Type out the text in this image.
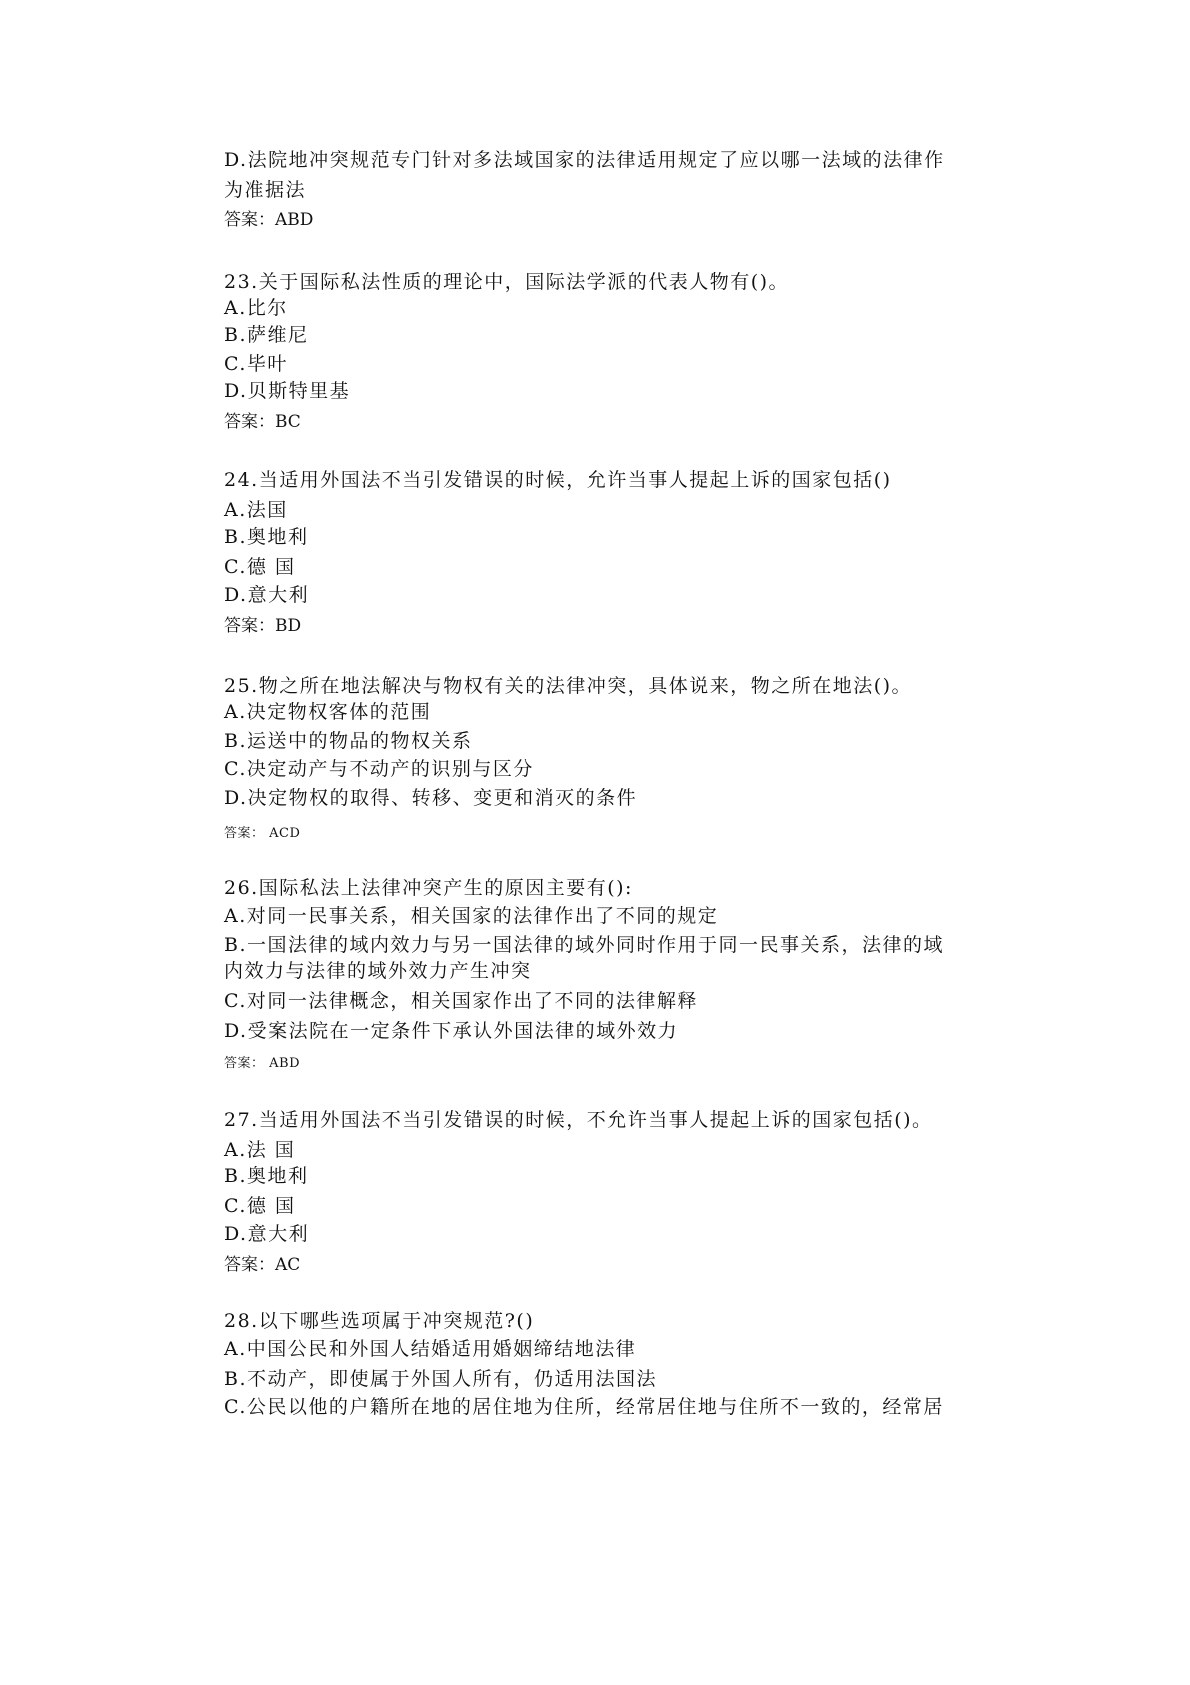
D.法院地冲突规范专门针对多法域国家的法律适用规定了应以哪一法域的法律作
为准据法
答案：ABD
23.关于国际私法性质的理论中，国际法学派的代表人物有()。
A.比尔
B.萨维尼
C.毕叶
D.贝斯特里基
答案：BC
24.当适用外国法不当引发错误的时候，允许当事人提起上诉的国家包括()
A.法国
B.奥地利
C.德 国
D.意大利
答案：BD
25.物之所在地法解决与物权有关的法律冲突，具体说来，物之所在地法()。
A.决定物权客体的范围
B.运送中的物品的物权关系
C.决定动产与不动产的识别与区分
D.决定物权的取得、转移、变更和消灭的条件
答案： ACD
26.国际私法上法律冲突产生的原因主要有():
A.对同一民事关系，相关国家的法律作出了不同的规定
B.一国法律的域内效力与另一国法律的域外同时作用于同一民事关系，法律的域
内效力与法律的域外效力产生冲突
C.对同一法律概念，相关国家作出了不同的法律解释
D.受案法院在一定条件下承认外国法律的域外效力
答案： ABD
27.当适用外国法不当引发错误的时候，不允许当事人提起上诉的国家包括()。
A.法 国
B.奥地利
C.德 国
D.意大利
答案：AC
28.以下哪些选项属于冲突规范?()
A.中国公民和外国人结婚适用婚姻缔结地法律
B.不动产，即使属于外国人所有，仍适用法国法
C.公民以他的户籍所在地的居住地为住所，经常居住地与住所不一致的，经常居
